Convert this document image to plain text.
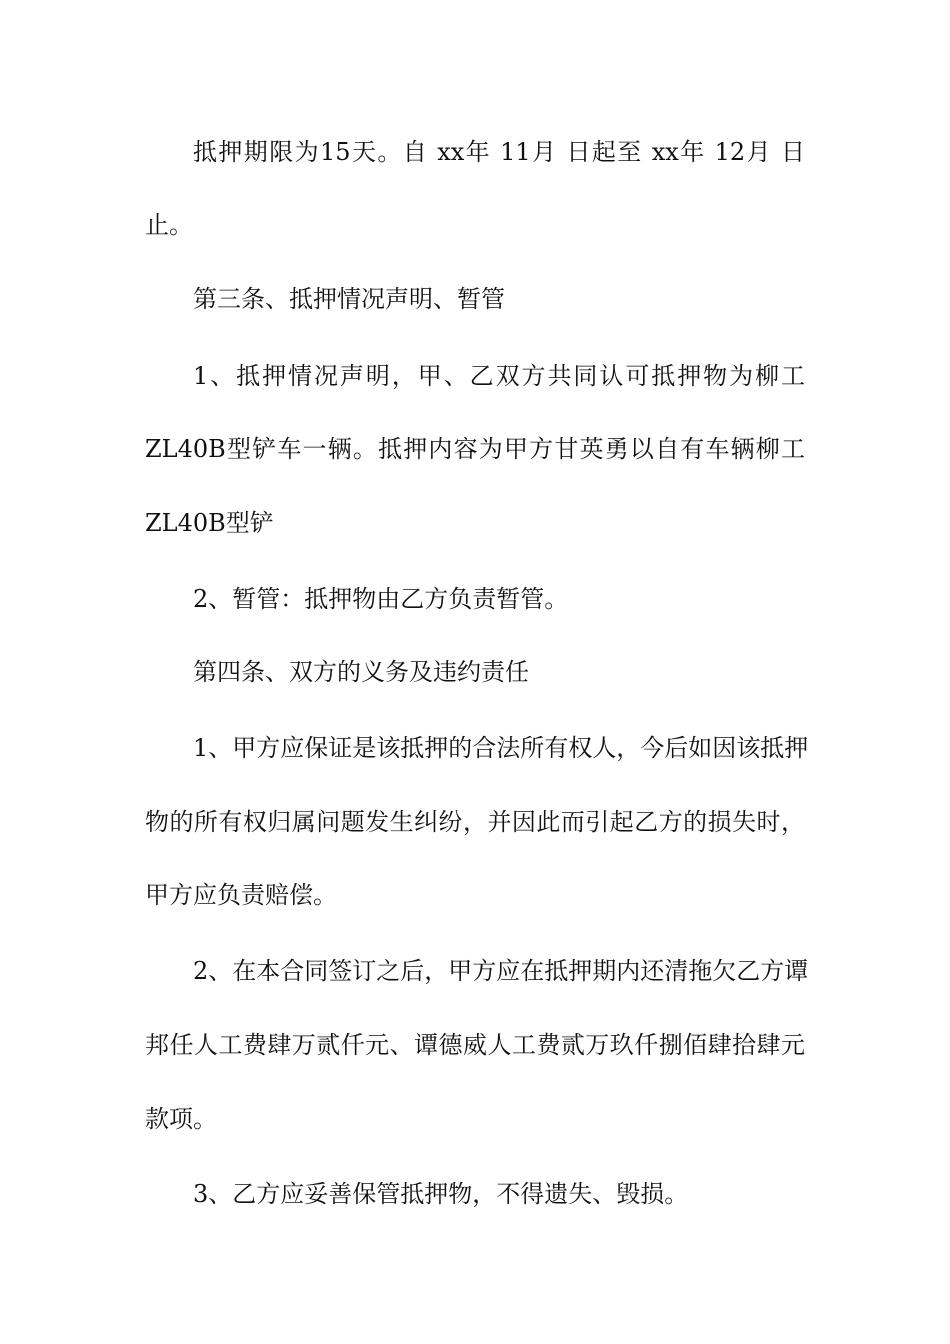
抵押期限为15天。自 xx年 11月 日起至 xx年 12月 日
止。
第三条、抵押情况声明、暂管
1、抵押情况声明，甲、乙双方共同认可抵押物为柳工
ZL40B型铲车一辆。抵押内容为甲方甘英勇以自有车辆柳工
ZL40B型铲
2、暂管：抵押物由乙方负责暂管。
第四条、双方的义务及违约责任
1、甲方应保证是该抵押的合法所有权人，今后如因该抵押
物的所有权归属问题发生纠纷，并因此而引起乙方的损失时，
甲方应负责赔偿。
2、在本合同签订之后，甲方应在抵押期内还清拖欠乙方谭
邦任人工费肆万贰仟元、谭德威人工费贰万玖仟捌佰肆拾肆元
款项。
3、乙方应妥善保管抵押物，不得遗失、毁损。
